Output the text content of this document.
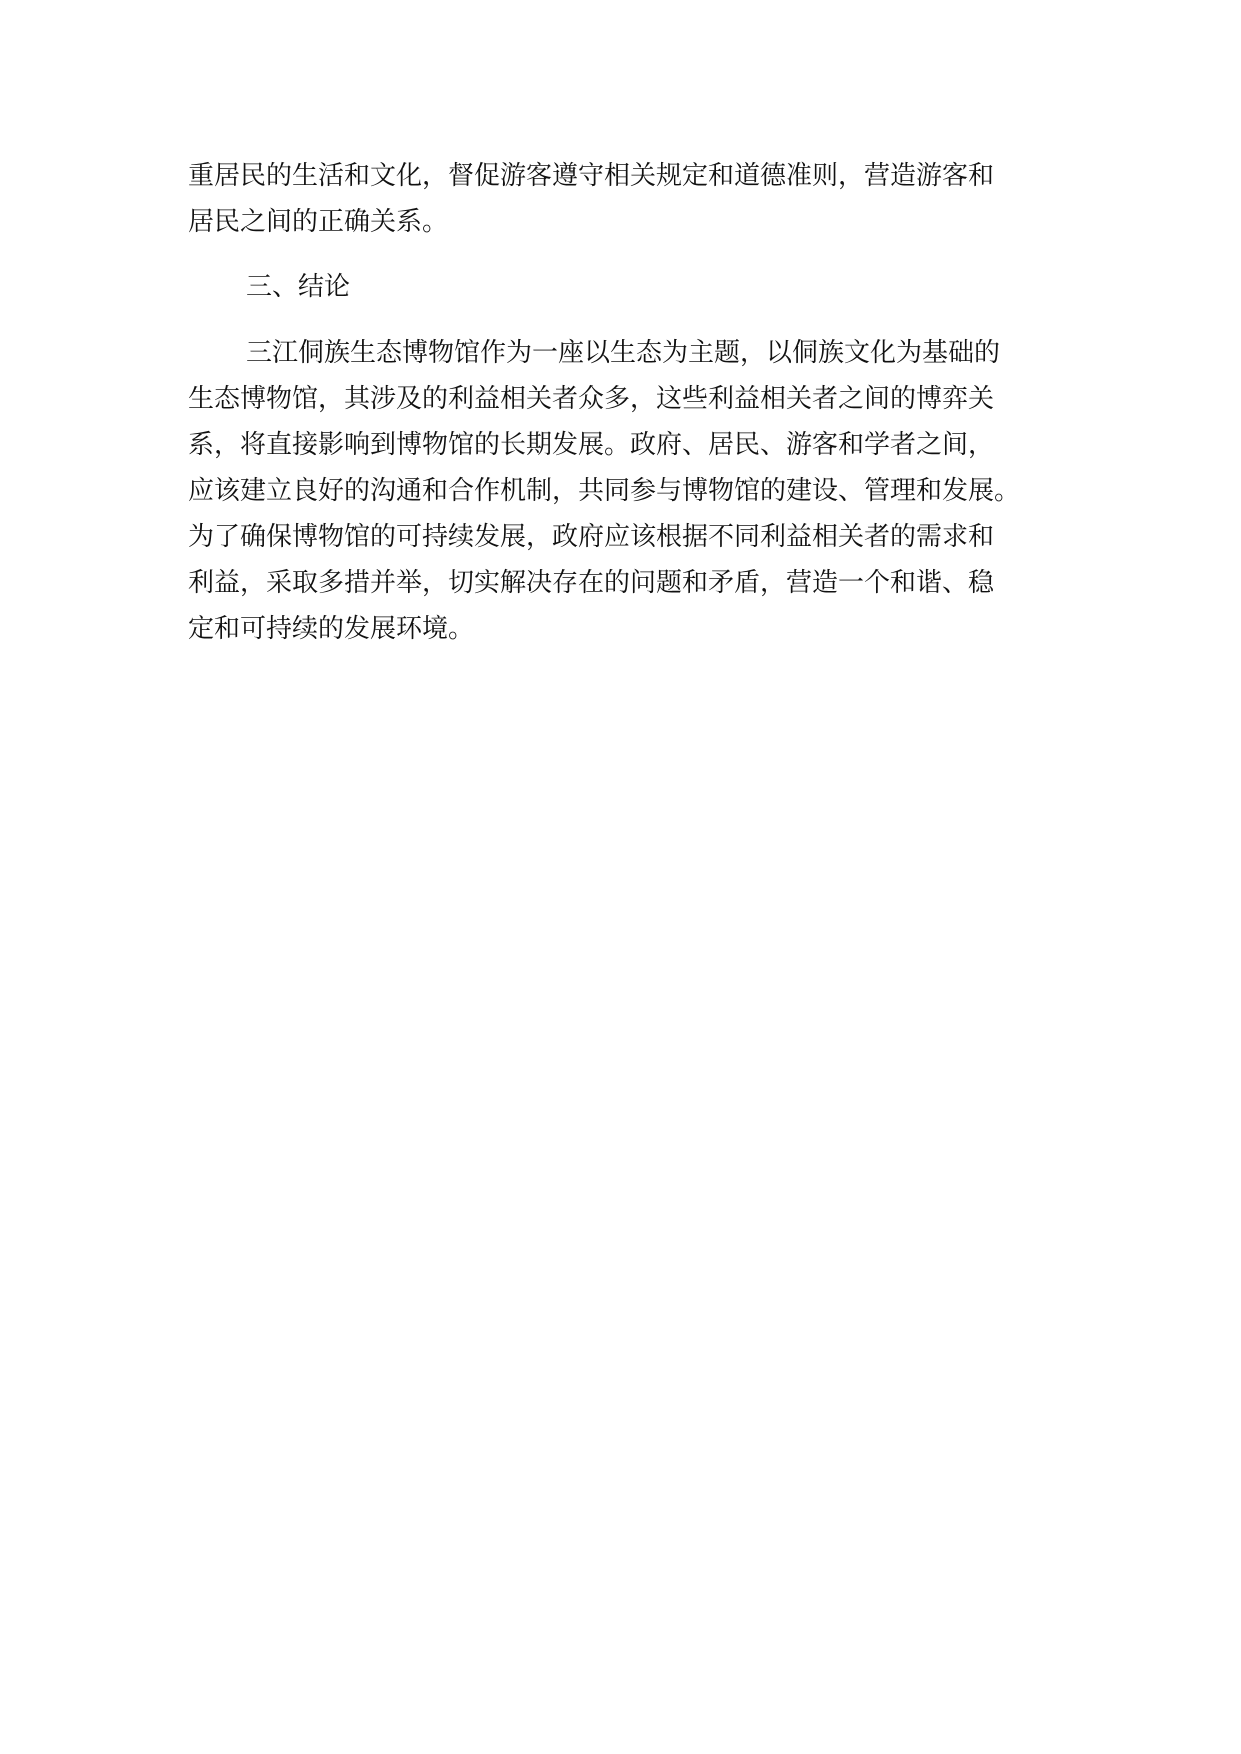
重居民的生活和文化，督促游客遵守相关规定和道德准则，营造游客和
居民之间的正确关系。
三、结论
三江侗族生态博物馆作为一座以生态为主题，以侗族文化为基础的
生态博物馆，其涉及的利益相关者众多，这些利益相关者之间的博弈关
系，将直接影响到博物馆的长期发展。政府、居民、游客和学者之间，
应该建立良好的沟通和合作机制，共同参与博物馆的建设、管理和发展。
为了确保博物馆的可持续发展，政府应该根据不同利益相关者的需求和
利益，采取多措并举，切实解决存在的问题和矛盾，营造一个和谐、稳
定和可持续的发展环境。
